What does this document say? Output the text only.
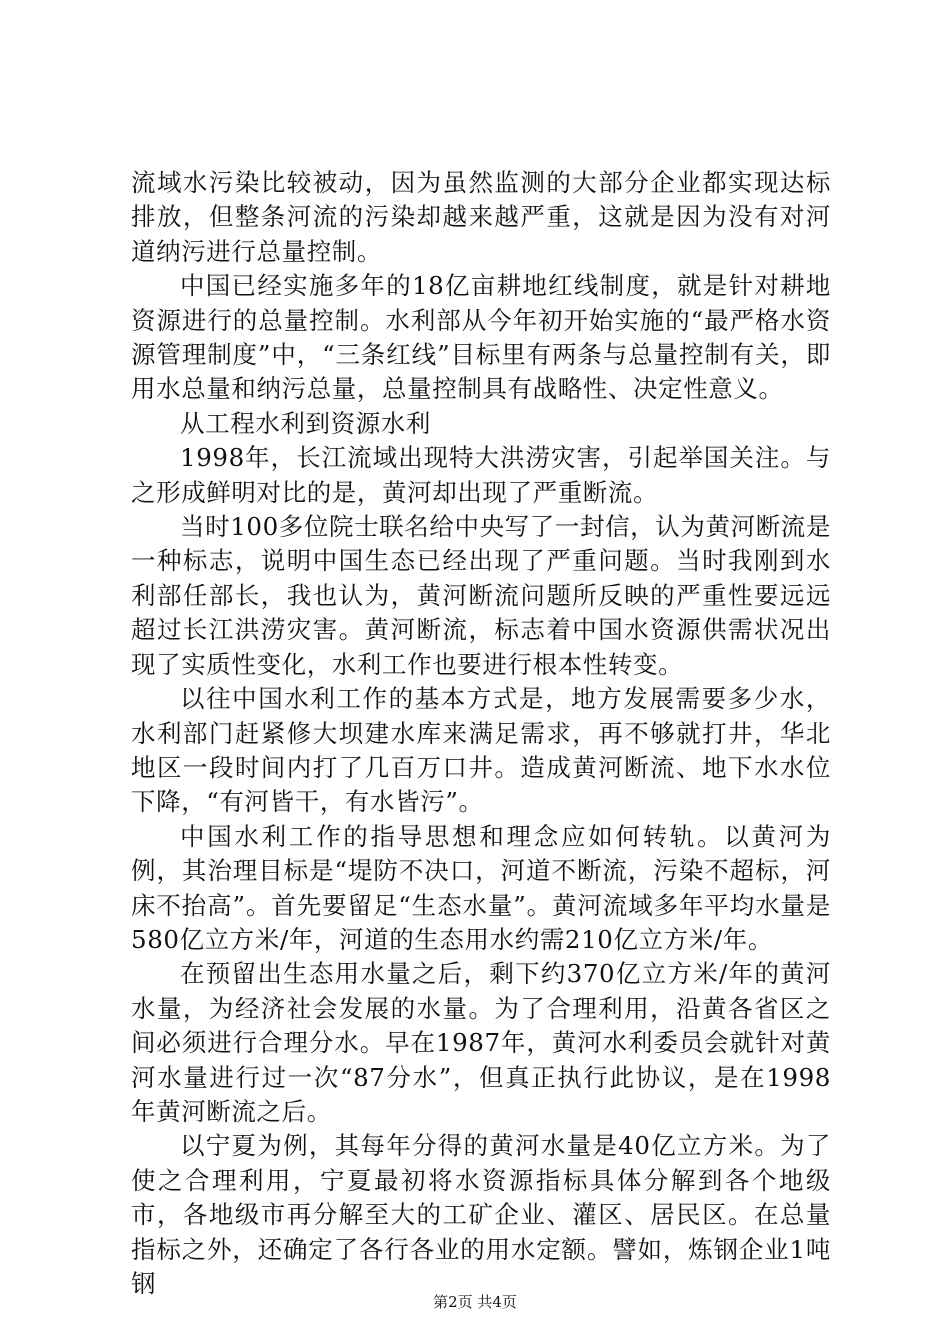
流域水污染比较被动，因为虽然监测的大部分企业都实现达标排放，但整条河流的污染却越来越严重，这就是因为没有对河道纳污进行总量控制。

中国已经实施多年的18亿亩耕地红线制度，就是针对耕地资源进行的总量控制。水利部从今年初开始实施的“最严格水资源管理制度”中，“三条红线”目标里有两条与总量控制有关，即用水总量和纳污总量，总量控制具有战略性、决定性意义。

从工程水利到资源水利

1998年，长江流域出现特大洪涝灾害，引起举国关注。与之形成鲜明对比的是，黄河却出现了严重断流。

当时100多位院士联名给中央写了一封信，认为黄河断流是一种标志，说明中国生态已经出现了严重问题。当时我刚到水利部任部长，我也认为，黄河断流问题所反映的严重性要远远超过长江洪涝灾害。黄河断流，标志着中国水资源供需状况出现了实质性变化，水利工作也要进行根本性转变。

以往中国水利工作的基本方式是，地方发展需要多少水，水利部门赶紧修大坝建水库来满足需求，再不够就打井，华北地区一段时间内打了几百万口井。造成黄河断流、地下水水位下降，“有河皆干，有水皆污”。

中国水利工作的指导思想和理念应如何转轨。以黄河为例，其治理目标是“堤防不决口，河道不断流，污染不超标，河床不抬高”。首先要留足“生态水量”。黄河流域多年平均水量是580亿立方米/年，河道的生态用水约需210亿立方米/年。

在预留出生态用水量之后，剩下约370亿立方米/年的黄河水量，为经济社会发展的水量。为了合理利用，沿黄各省区之间必须进行合理分水。早在1987年，黄河水利委员会就针对黄河水量进行过一次“87分水”，但真正执行此协议，是在1998年黄河断流之后。

以宁夏为例，其每年分得的黄河水量是40亿立方米。为了使之合理利用，宁夏最初将水资源指标具体分解到各个地级市，各地级市再分解至大的工矿企业、灌区、居民区。在总量指标之外，还确定了各行各业的用水定额。譬如，炼钢企业1吨钢

第2页 共4页
